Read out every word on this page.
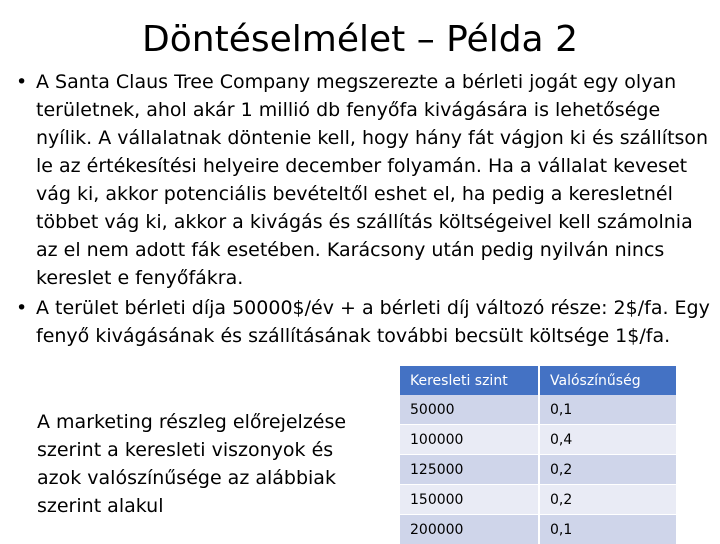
Döntéselmélet – Példa 2
• A Santa Claus Tree Company megszerezte a bérleti jogát egy olyan területnek, ahol akár 1 millió db fenyőfa kivágására is lehetősége nyílik. A vállalatnak döntenie kell, hogy hány fát vágjon ki és szállítson le az értékesítési helyeire december folyamán. Ha a vállalat keveset vág ki, akkor potenciális bevételtől eshet el, ha pedig a keresletnél többet vág ki, akkor a kivágás és szállítás költségeivel kell számolnia az el nem adott fák esetében. Karácsony után pedig nyilván nincs kereslet e fenyőfákra.
• A terület bérleti díja 50000$/év + a bérleti díj változó része: 2$/fa. Egy fenyő kivágásának és szállításának további becsült költsége 1$/fa.
A marketing részleg előrejelzése szerint a keresleti viszonyok és azok valószínűsége az alábbiak szerint alakul
Keresleti szint	Valószínűség
50000	0,1
100000	0,4
125000	0,2
150000	0,2
200000	0,1
